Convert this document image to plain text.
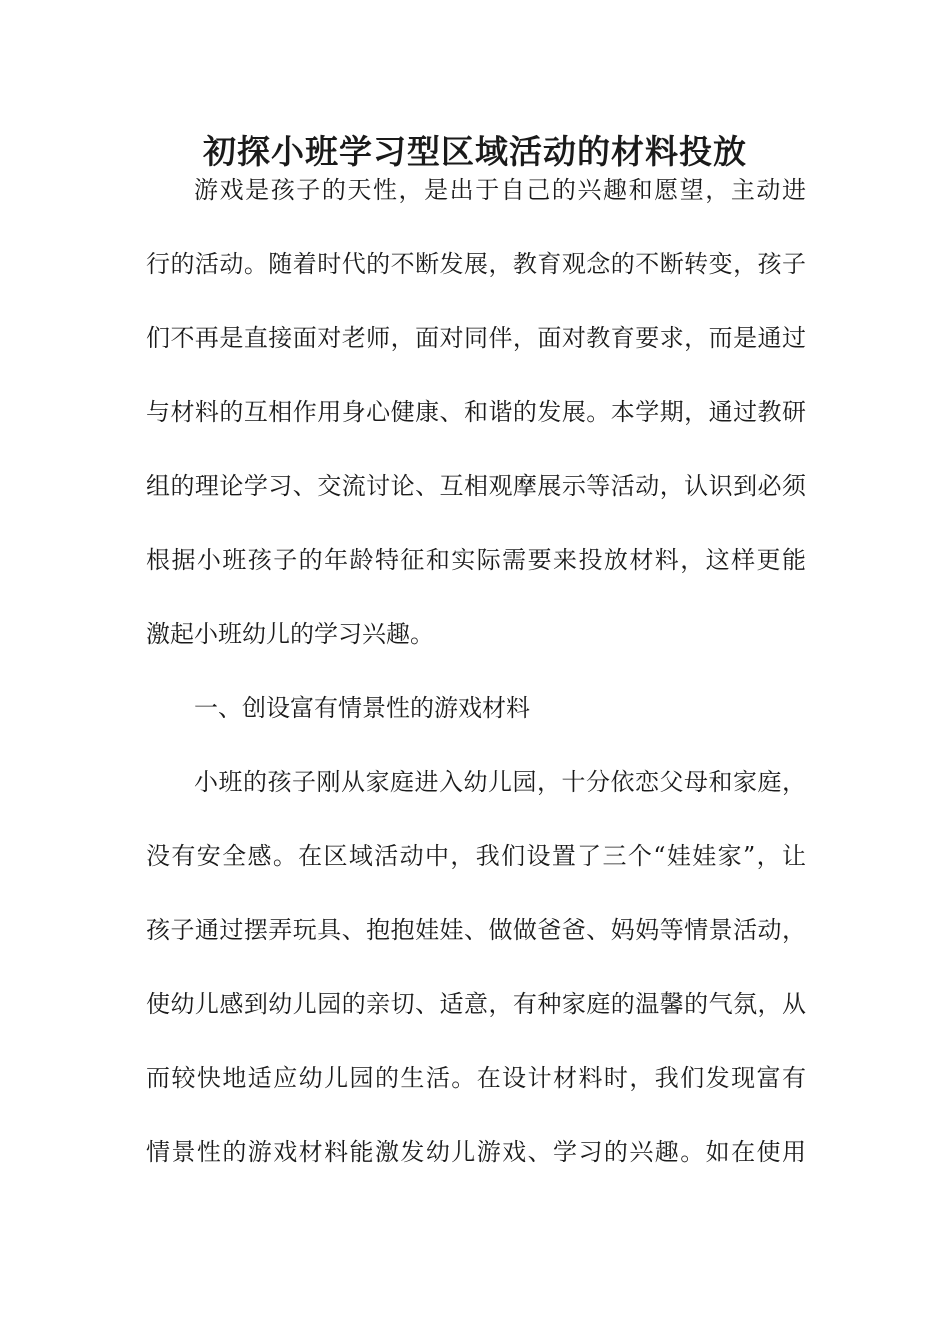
初探小班学习型区域活动的材料投放

游戏是孩子的天性，是出于自己的兴趣和愿望，主动进

行的活动。随着时代的不断发展，教育观念的不断转变，孩子

们不再是直接面对老师，面对同伴，面对教育要求，而是通过

与材料的互相作用身心健康、和谐的发展。本学期，通过教研

组的理论学习、交流讨论、互相观摩展示等活动，认识到必须

根据小班孩子的年龄特征和实际需要来投放材料，这样更能

激起小班幼儿的学习兴趣。

一、创设富有情景性的游戏材料

小班的孩子刚从家庭进入幼儿园，十分依恋父母和家庭，

没有安全感。在区域活动中，我们设置了三个“娃娃家”，让

孩子通过摆弄玩具、抱抱娃娃、做做爸爸、妈妈等情景活动，

使幼儿感到幼儿园的亲切、适意，有种家庭的温馨的气氛，从

而较快地适应幼儿园的生活。在设计材料时，我们发现富有

情景性的游戏材料能激发幼儿游戏、学习的兴趣。如在使用
